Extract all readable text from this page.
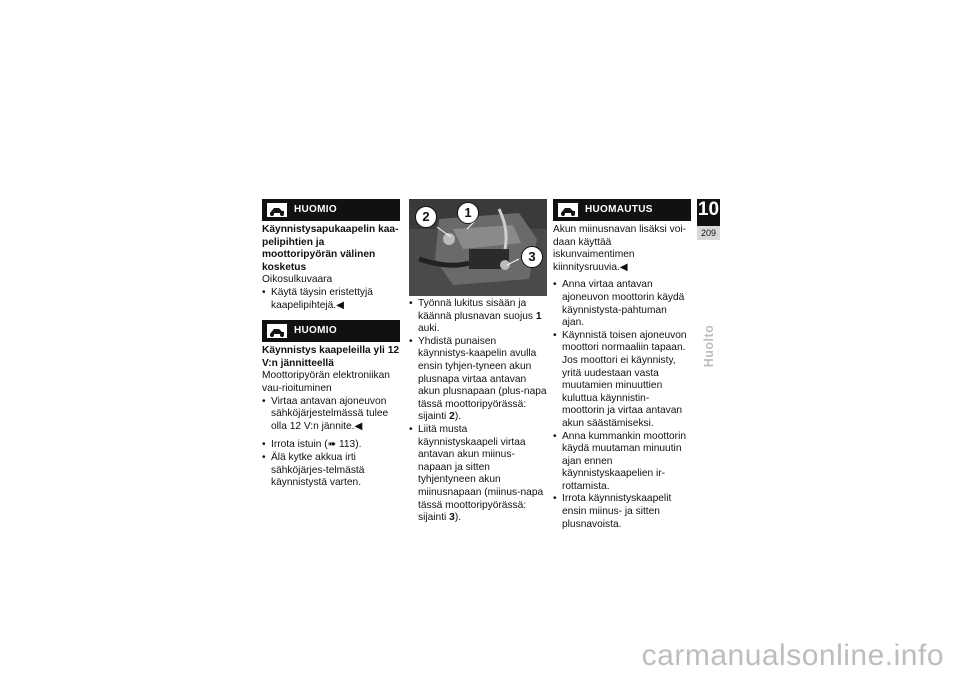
HUOMIO
Käynnistysapukaapelin kaa-pelipihtien ja moottoripyörän välinen kosketus

Oikosulkuvaara

• Käytä täysin eristettyjä kaapelipihtejä.◀
HUOMIO
Käynnistys kaapeleilla yli 12 V:n jännitteellä

Moottoripyörän elektroniikan vau-rioituminen

• Virtaa antavan ajoneuvon sähköjärjestelmässä tulee olla 12 V:n jännite.◀
• Irrota istuin (➠ 113).
• Älä kytke akkua irti sähköjärjes-telmästä käynnistystä varten.
2	1
3
• Työnnä lukitus sisään ja käännä plusnavan suojus 1 auki.
• Yhdistä punaisen käynnistys-kaapelin avulla ensin tyhjen-tyneen akun plusnapa virtaa antavan akun plusnapaan (plus-napa tässä moottoripyörässä: sijainti 2).
• Liitä musta käynnistyskaapeli virtaa antavan akun miinus-napaan ja sitten tyhjentyneen akun miinusnapaan (miinus-napa tässä moottoripyörässä: sijainti 3).
HUOMAUTUS

Akun miinusnavan lisäksi voi-daan käyttää iskunvaimentimen kiinnitysruuvia.◀

• Anna virtaa antavan ajoneuvon moottorin käydä käynnistysta-pahtuman ajan.
• Käynnistä toisen ajoneuvon moottori normaaliin tapaan. Jos moottori ei käynnisty, yritä uudestaan vasta muutamien minuuttien kuluttua käynnistin-moottorin ja virtaa antavan akun säästämiseksi.
• Anna kummankin moottorin käydä muutaman minuutin ajan ennen käynnistyskaapelien ir-rottamista.
• Irrota käynnistyskaapelit ensin miinus- ja sitten plusnavoista.
10
209
Huolto
carmanualsonline.info
